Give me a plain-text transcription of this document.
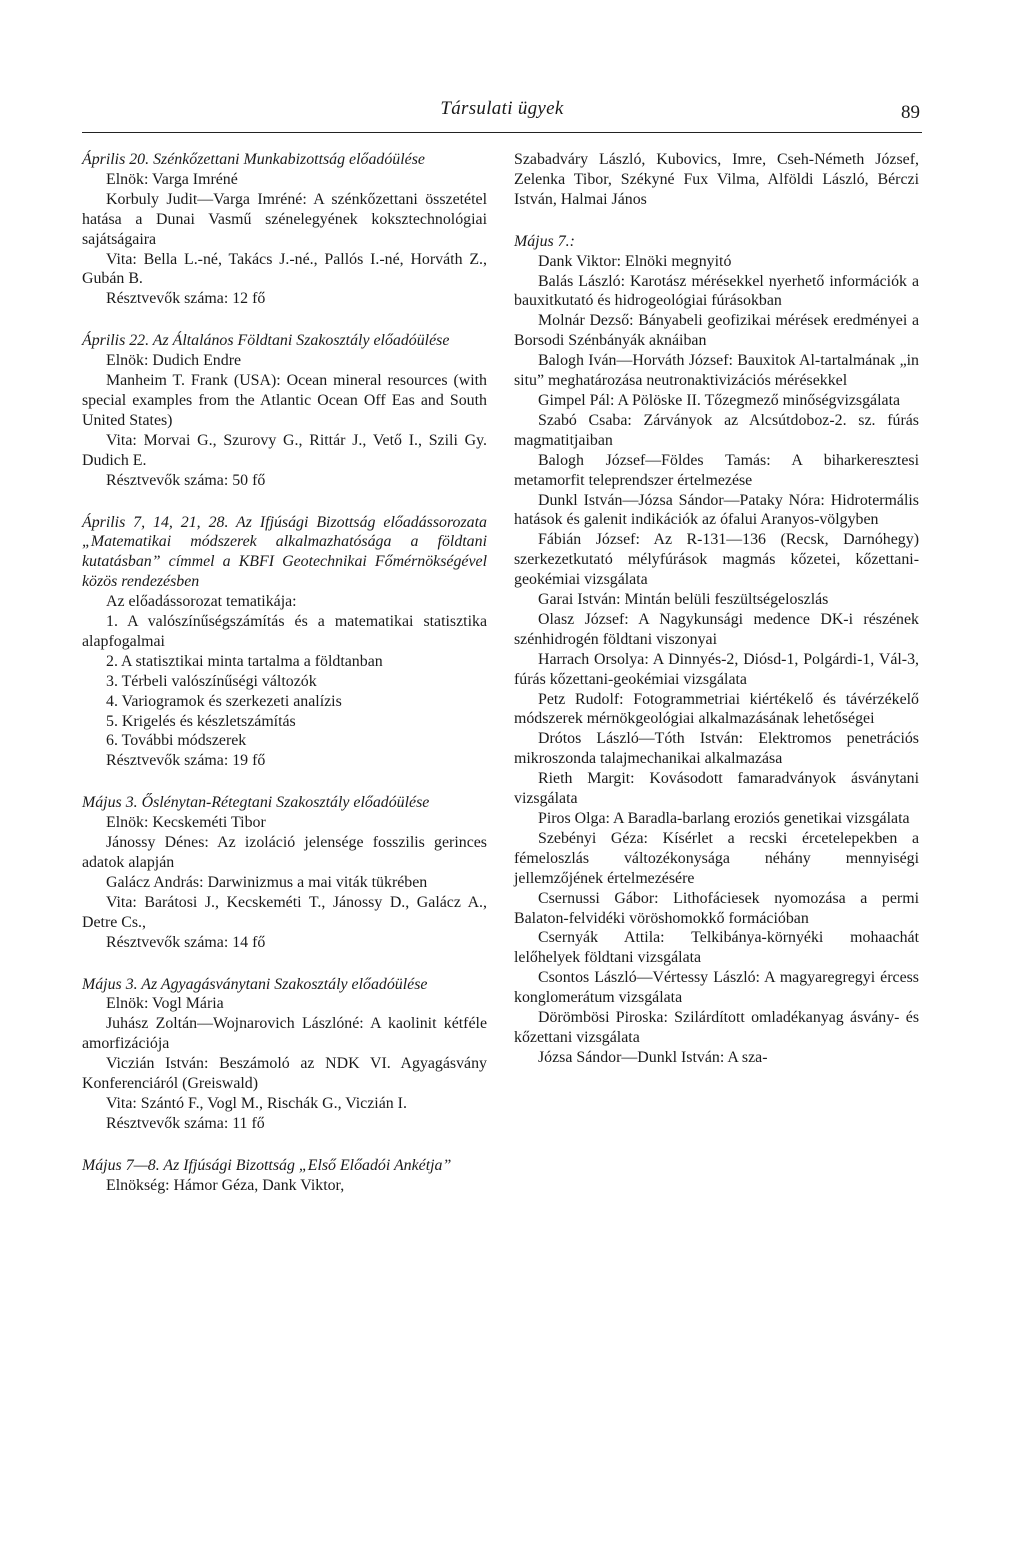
Társulati ügyek	89

Április 20. Szénkőzettani Munkabizottság előadóülése

Elnök: Varga Imréné

Korbuly Judit—Varga Imréné: A szénkőzettani összetétel hatása a Dunai Vasmű szénelegyének koksztechnológiai sajátságaira

Vita: Bella L.-né, Takács J.-né., Pallós I.-né, Horváth Z., Gubán B.

Résztvevők száma: 12 fő

Április 22. Az Általános Földtani Szakosztály előadóülése

Elnök: Dudich Endre

Manheim T. Frank (USA): Ocean mineral resources (with special examples from the Atlantic Ocean Off Eas and South United States)

Vita: Morvai G., Szurovy G., Rittár J., Vető I., Szili Gy. Dudich E.

Résztvevők száma: 50 fő

Április 7, 14, 21, 28. Az Ifjúsági Bizottság előadássorozata „Matematikai módszerek alkalmazhatósága a földtani kutatásban” címmel a KBFI Geotechnikai Főmérnökségével közös rendezésben

Az előadássorozat tematikája:

1. A valószínűségszámítás és a matematikai statisztika alapfogalmai

2. A statisztikai minta tartalma a földtanban

3. Térbeli valószínűségi változók

4. Variogramok és szerkezeti analízis

5. Krigelés és készletszámítás

6. További módszerek

Résztvevők száma: 19 fő

Május 3. Őslénytan-Rétegtani Szakosztály előadóülése

Elnök: Kecskeméti Tibor

Jánossy Dénes: Az izoláció jelensége fosszilis gerinces adatok alapján

Galácz András: Darwinizmus a mai viták tükrében

Vita: Barátosi J., Kecskeméti T., Jánossy D., Galácz A., Detre Cs.,

Résztvevők száma: 14 fő

Május 3. Az Agyagásványtani Szakosztály előadóülése

Elnök: Vogl Mária

Juhász Zoltán—Wojnarovich Lászlóné: A kaolinit kétféle amorfizációja

Viczián István: Beszámoló az NDK VI. Agyagásvány Konferenciáról (Greiswald)

Vita: Szántó F., Vogl M., Rischák G., Viczián I.

Résztvevők száma: 11 fő

Május 7—8. Az Ifjúsági Bizottság „Első Előadói Ankétja”

Elnökség: Hámor Géza, Dank Viktor,

Szabadváry László, Kubovics, Imre, Cseh-Németh József, Zelenka Tibor, Székyné Fux Vilma, Alföldi László, Bérczi István, Halmai János

Május 7.:

Dank Viktor: Elnöki megnyitó

Balás László: Karotász mérésekkel nyerhető információk a bauxitkutató és hidrogeológiai fúrásokban

Molnár Dezső: Bányabeli geofizikai mérések eredményei a Borsodi Szénbányák aknáiban

Balogh Iván—Horváth József: Bauxitok Al-tartalmának „in situ” meghatározása neutronaktivizációs mérésekkel

Gimpel Pál: A Pölöske II. Tőzegmező minőségvizsgálata

Szabó Csaba: Zárványok az Alcsútdoboz-2. sz. fúrás magmatitjaiban

Balogh József—Földes Tamás: A biharkeresztesi metamorfit teleprendszer értelmezése

Dunkl István—Józsa Sándor—Pataky Nóra: Hidrotermális hatások és galenit indikációk az ófalui Aranyos-völgyben

Fábián József: Az R-131—136 (Recsk, Darnóhegy) szerkezetkutató mélyfúrások magmás kőzetei, kőzettani-geokémiai vizsgálata

Garai István: Mintán belüli feszültségeloszlás

Olasz József: A Nagykunsági medence DK-i részének szénhidrogén földtani viszonyai

Harrach Orsolya: A Dinnyés-2, Diósd-1, Polgárdi-1, Vál-3, fúrás kőzettani-geokémiai vizsgálata

Petz Rudolf: Fotogrammetriai kiértékelő és távérzékelő módszerek mérnökgeológiai alkalmazásának lehetőségei

Drótos László—Tóth István: Elektromos penetrációs mikroszonda talajmechanikai alkalmazása

Rieth Margit: Kovásodott famaradványok ásványtani vizsgálata

Piros Olga: A Baradla-barlang eroziós genetikai vizsgálata

Szebényi Géza: Kísérlet a recski ércetelepekben a fémeloszlás változékonysága néhány mennyiségi jellemzőjének értelmezésére

Csernussi Gábor: Lithofáciesek nyomozása a permi Balaton-felvidéki vöröshomokkő formációban

Csernyák Attila: Telkibánya-környéki mohaachát lelőhelyek földtani vizsgálata

Csontos László—Vértessy László: A magyaregregyi ércess konglomerátum vizsgálata

Dörömbösi Piroska: Szilárdított omladékanyag ásvány- és kőzettani vizsgálata

Józsa Sándor—Dunkl István: A sza-
